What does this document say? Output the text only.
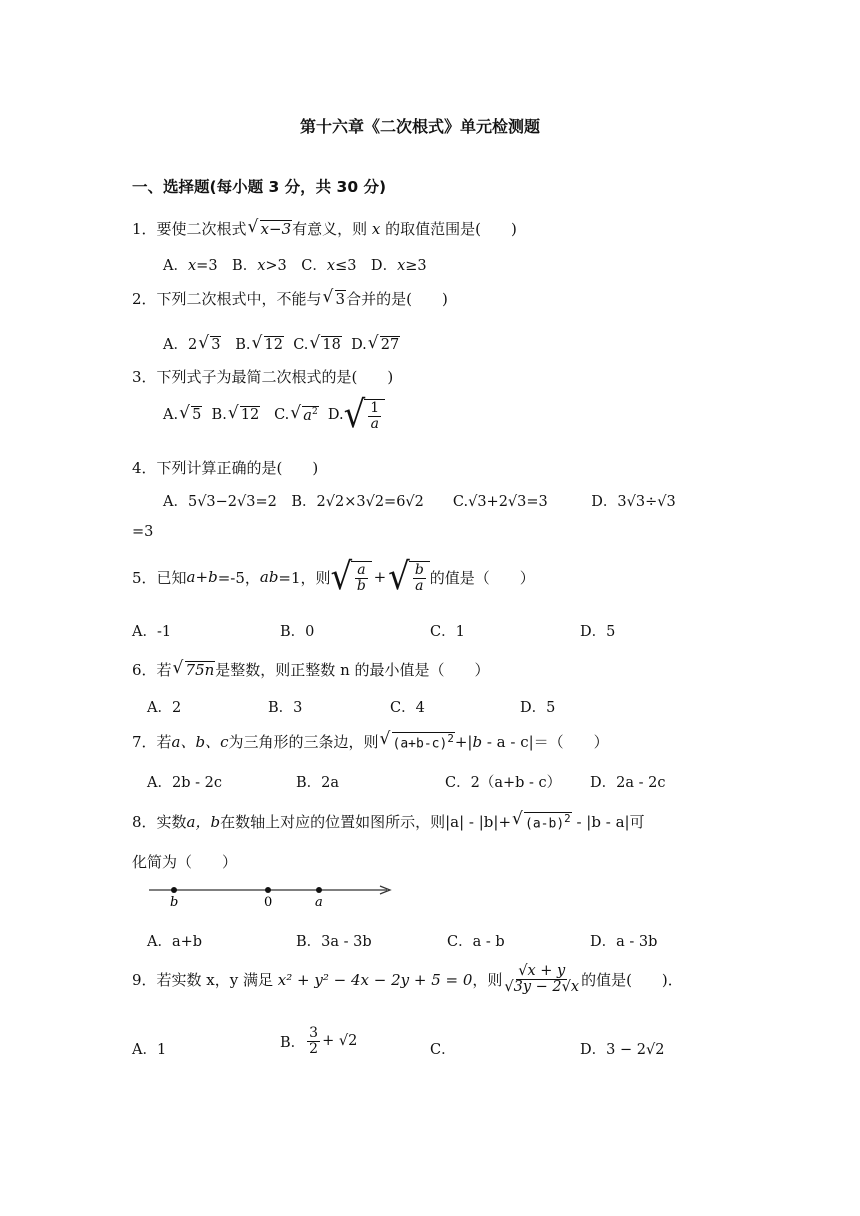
第十六章《二次根式》单元检测题
一、选择题(每小题 3 分，共 30 分)
1．要使二次根式 √ x−3有意义，则 x 的取值范围是(　　)
A．x=3　B．x>3　C．x≤3　D．x≥3
2．下列二次根式中，不能与 √ 3合并的是(　　)
A．2 √ 3 B. √ 12 C. √ 18 D. √ 27
3．下列式子为最简二次根式的是(　　)
A. √ 5
B. √ 12
C. √ $a^2$
D. √ $\frac{1}{a}$
4．下列计算正确的是(　　)
A．5√3−2√3=2　B．2√2×3√2=6√2　　C.√3+2√3=3　　　D．3√3÷√3
=3
5．已知 a + b =-5， ab =1，则 √ $\frac{a}{b}$ + √ $\frac{b}{a}$ 的值是（　　）
A．-1	B．0	C．1	D．5
6．若 √ 75n是整数，则正整数 n 的最小值是（　　）
A．2	B．3	C．4	D．5
7．若a、b、c为三角形的三条边，则 √ $(a+b-c)^2+|b - a - c|=$（　　）
A．2b - 2c	B．2a	C．2（a+b - c） D．2a - 2c
8．实数a，b在数轴上对应的位置如图所示，则|a| - |b|+ √ $(a-b)^2 - |b - a|$可
化简为（　　）
b	0	a
A．a+b	B．3a - 3b	C．a - b	D．a - 3b
9．若实数 x，y 满足
x² + y² − 4x − 2y + 5 = 0 ，则 $\frac{√x + y}{√3y - 2√x}$ 的值是(　　)．
A．1	B． $\frac{3}{2} + √2$
C．	D．3 − 2√2
